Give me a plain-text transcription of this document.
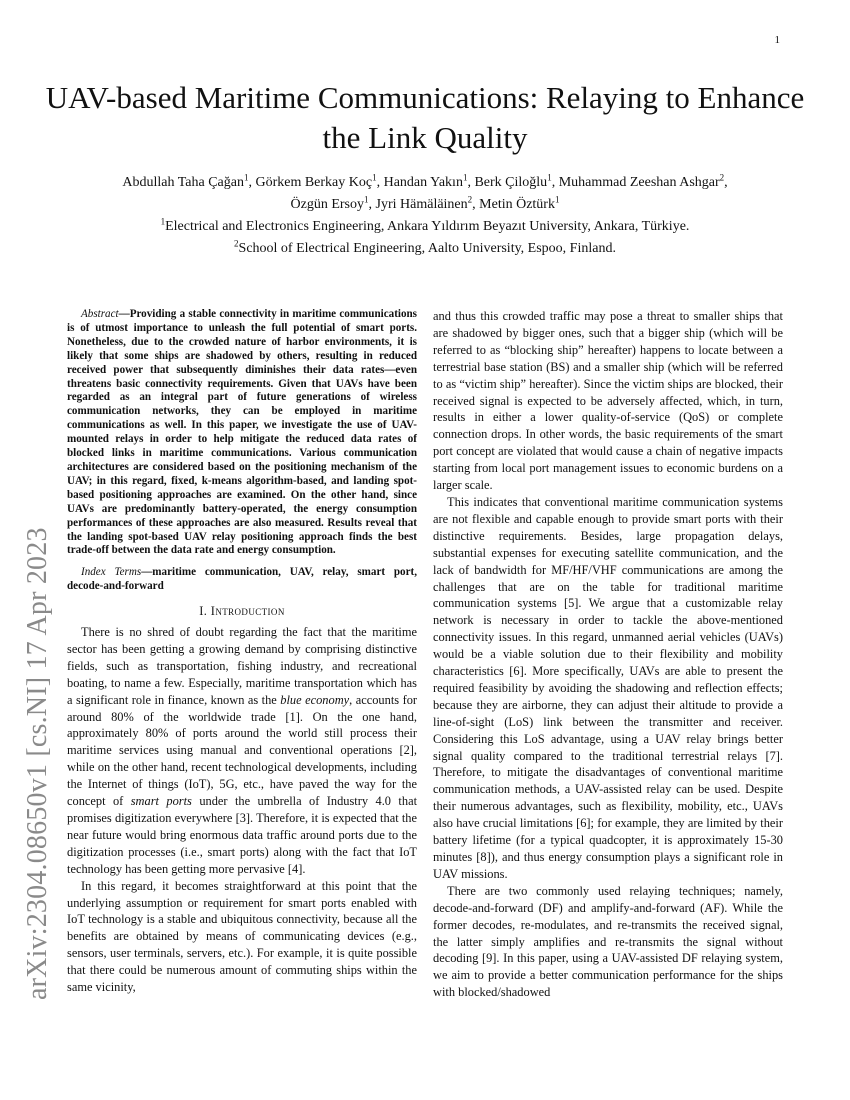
1
arXiv:2304.08650v1 [cs.NI] 17 Apr 2023
UAV-based Maritime Communications: Relaying to Enhance the Link Quality

Abdullah Taha Çağan$^1$, Görkem Berkay Koç$^1$, Handan Yakın$^1$, Berk Çiloğlu$^1$, Muhammad Zeeshan Ashgar$^2$,

Özgün Ersoy$^1$, Jyri Hämäläinen$^2$, Metin Öztürk$^1$

$^1$Electrical and Electronics Engineering, Ankara Yıldırım Beyazıt University, Ankara, Türkiye.

$^2$School of Electrical Engineering, Aalto University, Espoo, Finland.

Abstract—Providing a stable connectivity in maritime communications is of utmost importance to unleash the full potential of smart ports. Nonetheless, due to the crowded nature of harbor environments, it is likely that some ships are shadowed by others, resulting in reduced received power that subsequently diminishes their data rates—even threatens basic connectivity requirements. Given that UAVs have been regarded as an integral part of future generations of wireless communication networks, they can be employed in maritime communications as well. In this paper, we investigate the use of UAV-mounted relays in order to help mitigate the reduced data rates of blocked links in maritime communications. Various communication architectures are considered based on the positioning mechanism of the UAV; in this regard, fixed, k-means algorithm-based, and landing spot-based positioning approaches are examined. On the other hand, since UAVs are predominantly battery-operated, the energy consumption performances of these approaches are also measured. Results reveal that the landing spot-based UAV relay positioning approach finds the best trade-off between the data rate and energy consumption.

Index Terms—maritime communication, UAV, relay, smart port, decode-and-forward

I. Introduction

There is no shred of doubt regarding the fact that the maritime sector has been getting a growing demand by comprising distinctive fields, such as transportation, fishing industry, and recreational boating, to name a few. Especially, maritime transportation which has a significant role in finance, known as the blue economy, accounts for around 80% of the worldwide trade [1]. On the one hand, approximately 80% of ports around the world still process their maritime services using manual and conventional operations [2], while on the other hand, recent technological developments, including the Internet of things (IoT), 5G, etc., have paved the way for the concept of smart ports under the umbrella of Industry 4.0 that promises digitization everywhere [3]. Therefore, it is expected that the near future would bring enormous data traffic around ports due to the digitization processes (i.e., smart ports) along with the fact that IoT technology has been getting more pervasive [4].

In this regard, it becomes straightforward at this point that the underlying assumption or requirement for smart ports enabled with IoT technology is a stable and ubiquitous connectivity, because all the benefits are obtained by means of communicating devices (e.g., sensors, user terminals, servers, etc.). For example, it is quite possible that there could be numerous amount of commuting ships within the same vicinity,

and thus this crowded traffic may pose a threat to smaller ships that are shadowed by bigger ones, such that a bigger ship (which will be referred to as “blocking ship” hereafter) happens to locate between a terrestrial base station (BS) and a smaller ship (which will be referred to as “victim ship” hereafter). Since the victim ships are blocked, their received signal is expected to be adversely affected, which, in turn, results in either a lower quality-of-service (QoS) or complete connection drops. In other words, the basic requirements of the smart port concept are violated that would cause a chain of negative impacts starting from local port management issues to economic burdens on a larger scale.

This indicates that conventional maritime communication systems are not flexible and capable enough to provide smart ports with their distinctive requirements. Besides, large propagation delays, substantial expenses for executing satellite communication, and the lack of bandwidth for MF/HF/VHF communications are among the challenges that are on the table for traditional maritime communication systems [5]. We argue that a customizable relay network is necessary in order to tackle the above-mentioned connectivity issues. In this regard, unmanned aerial vehicles (UAVs) would be a viable solution due to their flexibility and mobility characteristics [6]. More specifically, UAVs are able to present the required feasibility by avoiding the shadowing and reflection effects; because they are airborne, they can adjust their altitude to provide a line-of-sight (LoS) link between the transmitter and receiver. Considering this LoS advantage, using a UAV relay brings better signal quality compared to the traditional terrestrial relays [7]. Therefore, to mitigate the disadvantages of conventional maritime communication methods, a UAV-assisted relay can be used. Despite their numerous advantages, such as flexibility, mobility, etc., UAVs also have crucial limitations [6]; for example, they are limited by their battery lifetime (for a typical quadcopter, it is approximately 15-30 minutes [8]), and thus energy consumption plays a significant role in UAV missions.

There are two commonly used relaying techniques; namely, decode-and-forward (DF) and amplify-and-forward (AF). While the former decodes, re-modulates, and re-transmits the received signal, the latter simply amplifies and re-transmits the signal without decoding [9]. In this paper, using a UAV-assisted DF relaying system, we aim to provide a better communication performance for the ships with blocked/shadowed
